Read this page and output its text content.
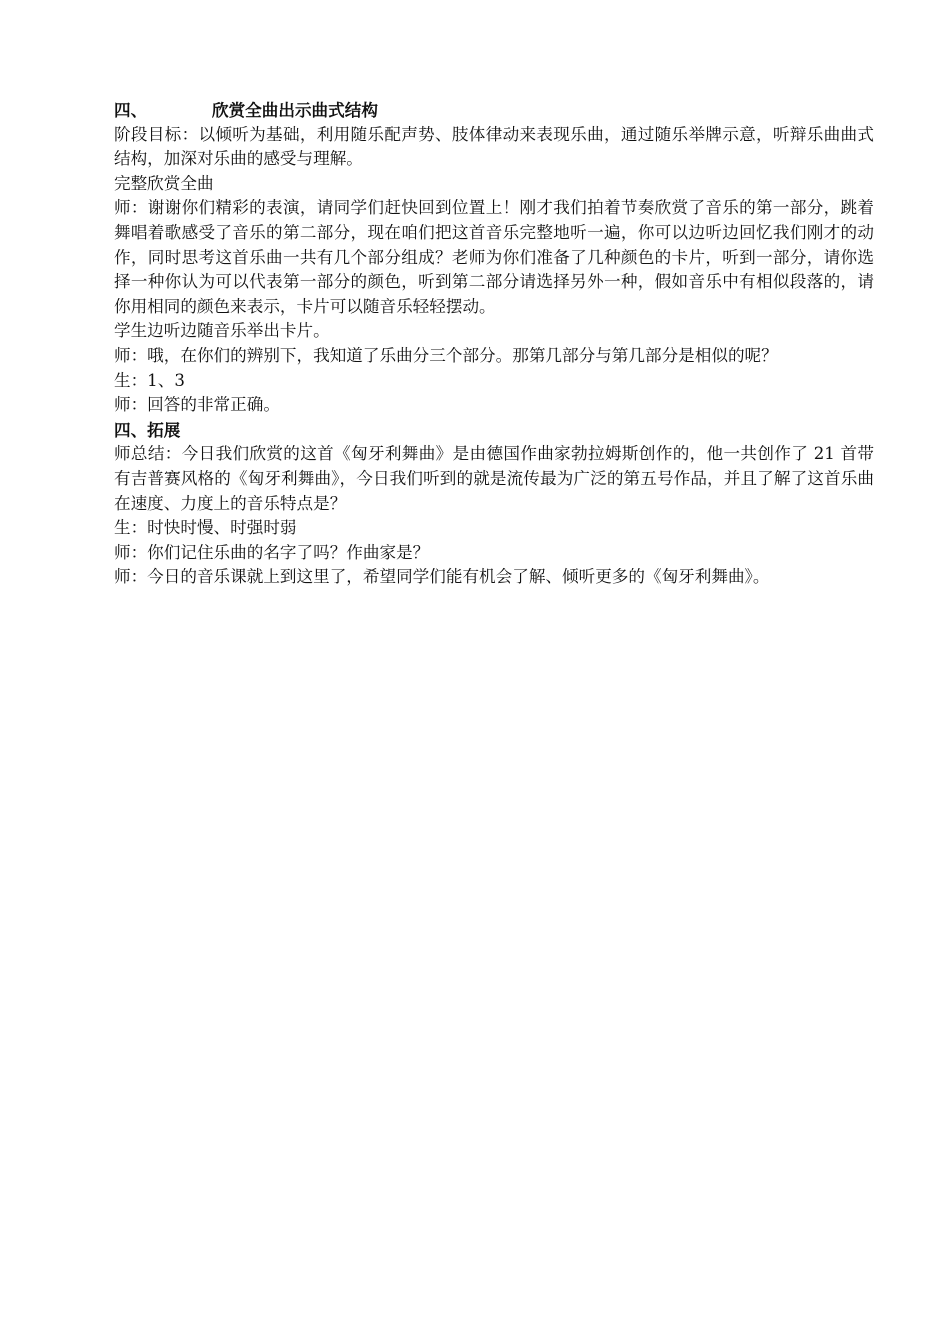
四、	欣赏全曲出示曲式结构

阶段目标：以倾听为基础，利用随乐配声势、肢体律动来表现乐曲，通过随乐举牌示意，听辩乐曲曲式结构，加深对乐曲的感受与理解。

完整欣赏全曲

师：谢谢你们精彩的表演，请同学们赶快回到位置上！刚才我们拍着节奏欣赏了音乐的第一部分，跳着舞唱着歌感受了音乐的第二部分，现在咱们把这首音乐完整地听一遍，你可以边听边回忆我们刚才的动作，同时思考这首乐曲一共有几个部分组成？老师为你们准备了几种颜色的卡片，听到一部分，请你选择一种你认为可以代表第一部分的颜色，听到第二部分请选择另外一种，假如音乐中有相似段落的，请你用相同的颜色来表示，卡片可以随音乐轻轻摆动。

学生边听边随音乐举出卡片。

师：哦，在你们的辨别下，我知道了乐曲分三个部分。那第几部分与第几部分是相似的呢？

生：1、3

师：回答的非常正确。

四、拓展

师总结：今日我们欣赏的这首《匈牙利舞曲》是由德国作曲家勃拉姆斯创作的，他一共创作了 21 首带有吉普赛风格的《匈牙利舞曲》，今日我们听到的就是流传最为广泛的第五号作品，并且了解了这首乐曲在速度、力度上的音乐特点是？

生：时快时慢、时强时弱

师：你们记住乐曲的名字了吗？作曲家是？

师：今日的音乐课就上到这里了，希望同学们能有机会了解、倾听更多的《匈牙利舞曲》。
